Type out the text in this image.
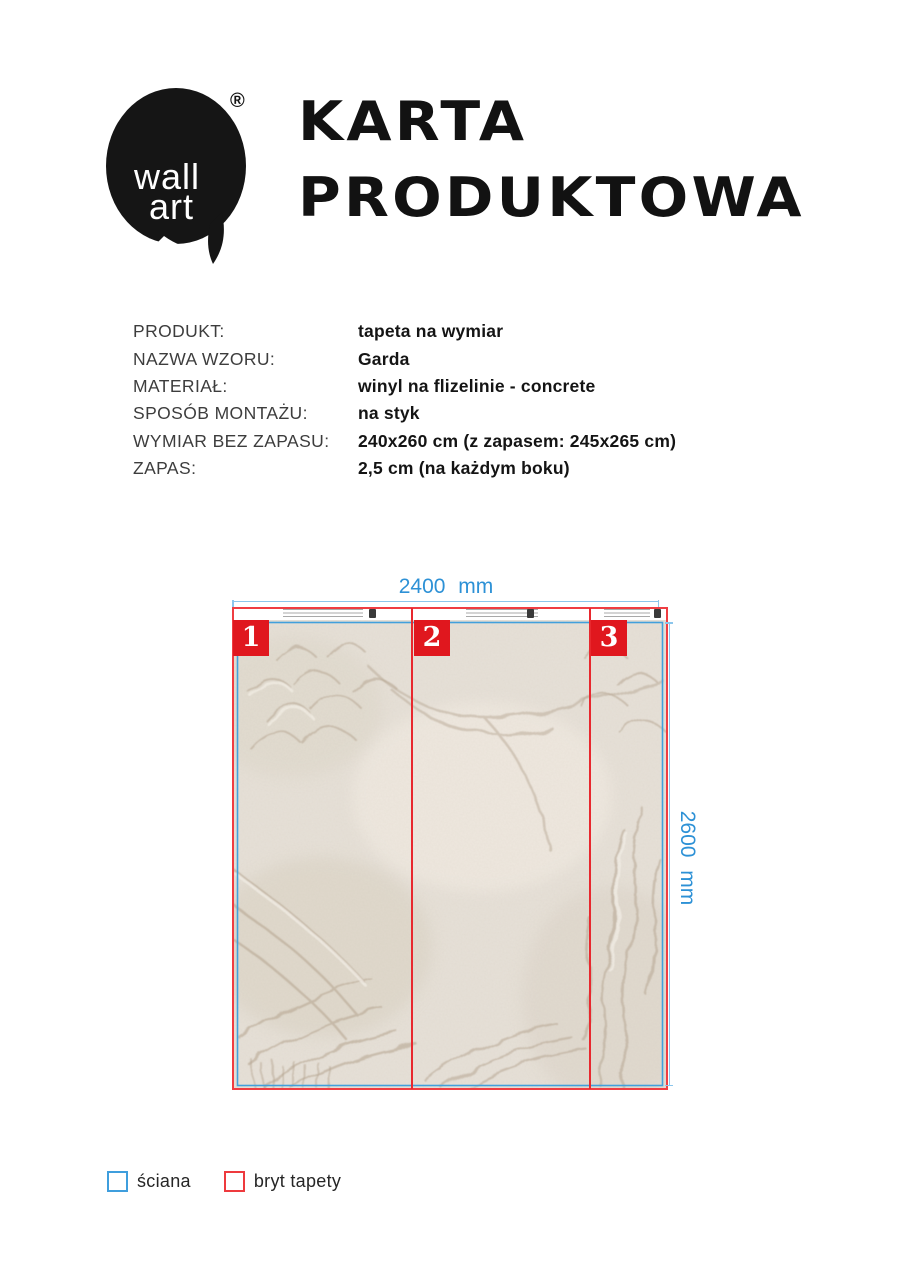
wall
art
® KARTA
PRODUKTOWA
PRODUKT:	tapeta na wymiar
NAZWA WZORU:	Garda
MATERIAŁ:	winyl na flizelinie - concrete
SPOSÓB MONTAŻU:	na styk
WYMIAR BEZ ZAPASU:	240x260 cm (z zapasem: 245x265 cm)
ZAPAS:	2,5 cm (na każdym boku)
2400 mm
1	2	3
2600 mm
ściana	bryt tapety
